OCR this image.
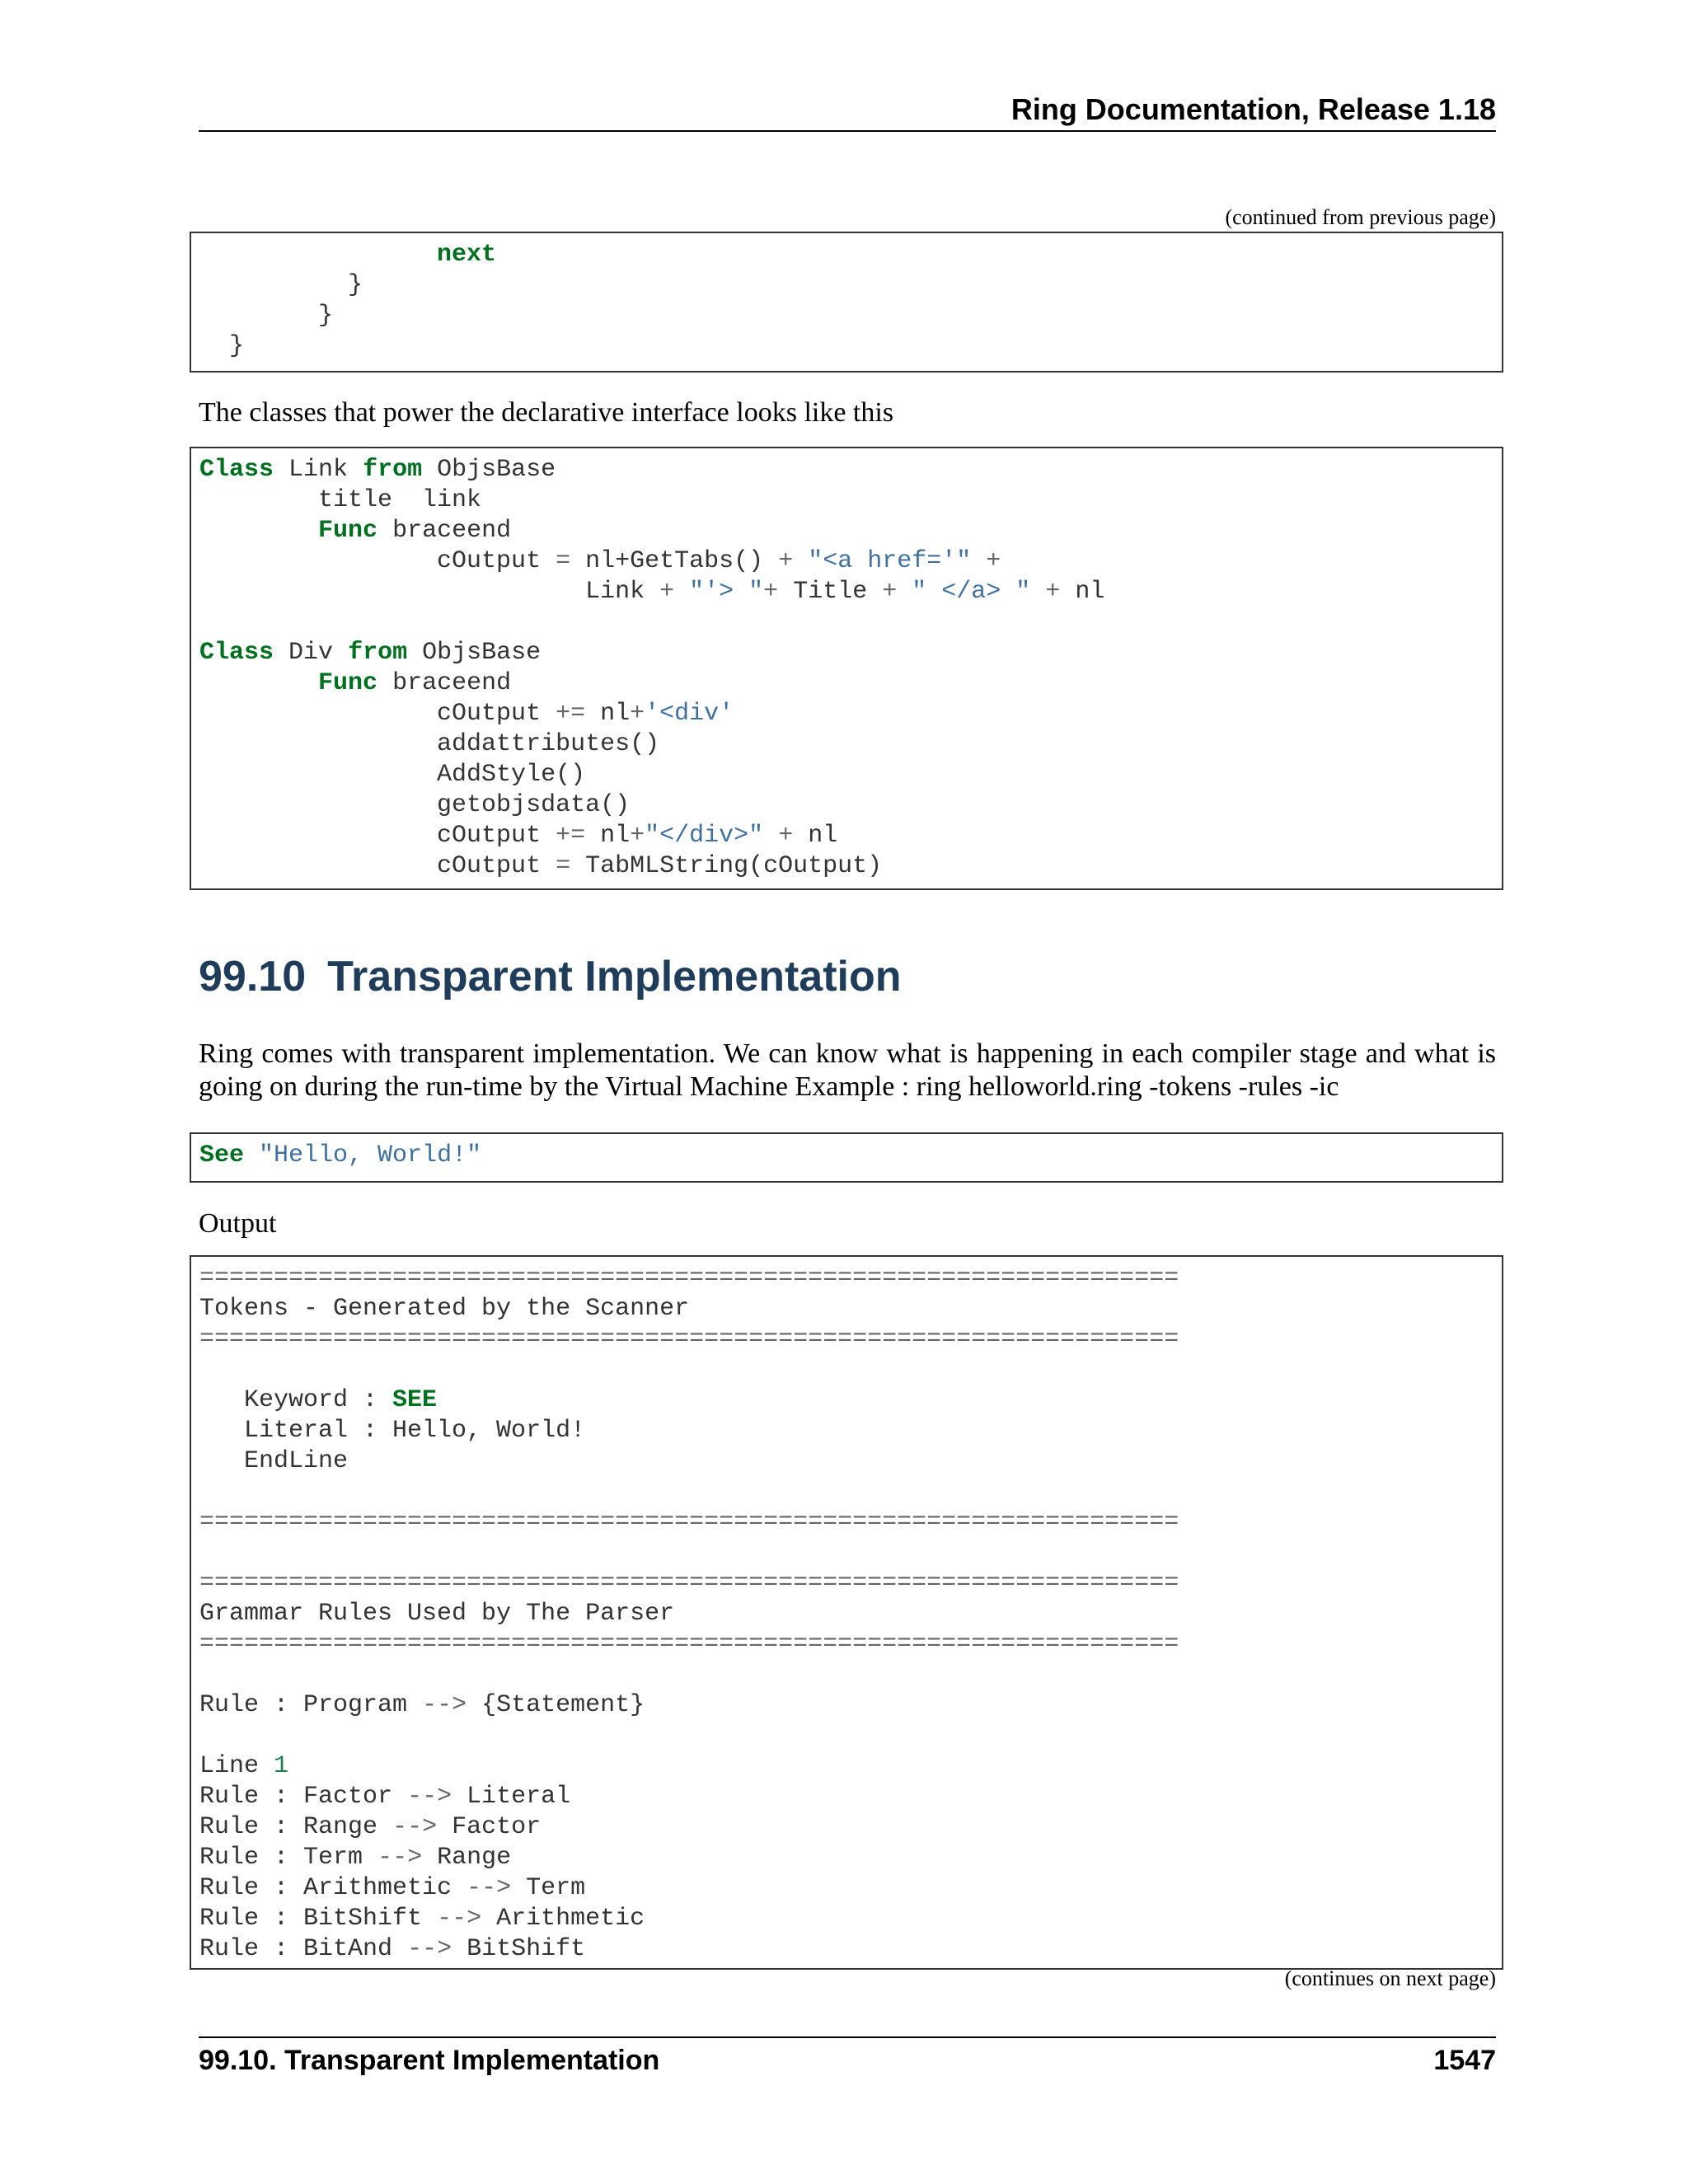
Ring Documentation, Release 1.18
(continued from previous page)
next
}
}
}
The classes that power the declarative interface looks like this
Class Link from ObjsBase
title  link
Func braceend
cOutput = nl+GetTabs() + "<a href='" +
Link + "'> "+ Title + " </a> " + nl

Class Div from ObjsBase
Func braceend
cOutput += nl+'<div'
addattributes()
AddStyle()
getobjsdata()
cOutput += nl+"</div>" + nl
cOutput = TabMLString(cOutput)
99.10 Transparent Implementation
Ring comes with transparent implementation. We can know what is happening in each compiler stage and what is going on during the run-time by the Virtual Machine Example : ring helloworld.ring -tokens -rules -ic
See "Hello, World!"
Output
==================================================================
Tokens - Generated by the Scanner
==================================================================

Keyword : SEE
Literal : Hello, World!
EndLine

==================================================================

==================================================================
Grammar Rules Used by The Parser
==================================================================

Rule : Program --> {Statement}

Line 1
Rule : Factor --> Literal
Rule : Range --> Factor
Rule : Term --> Range
Rule : Arithmetic --> Term
Rule : BitShift --> Arithmetic
Rule : BitAnd --> BitShift
(continues on next page)
99.10. Transparent Implementation	1547
